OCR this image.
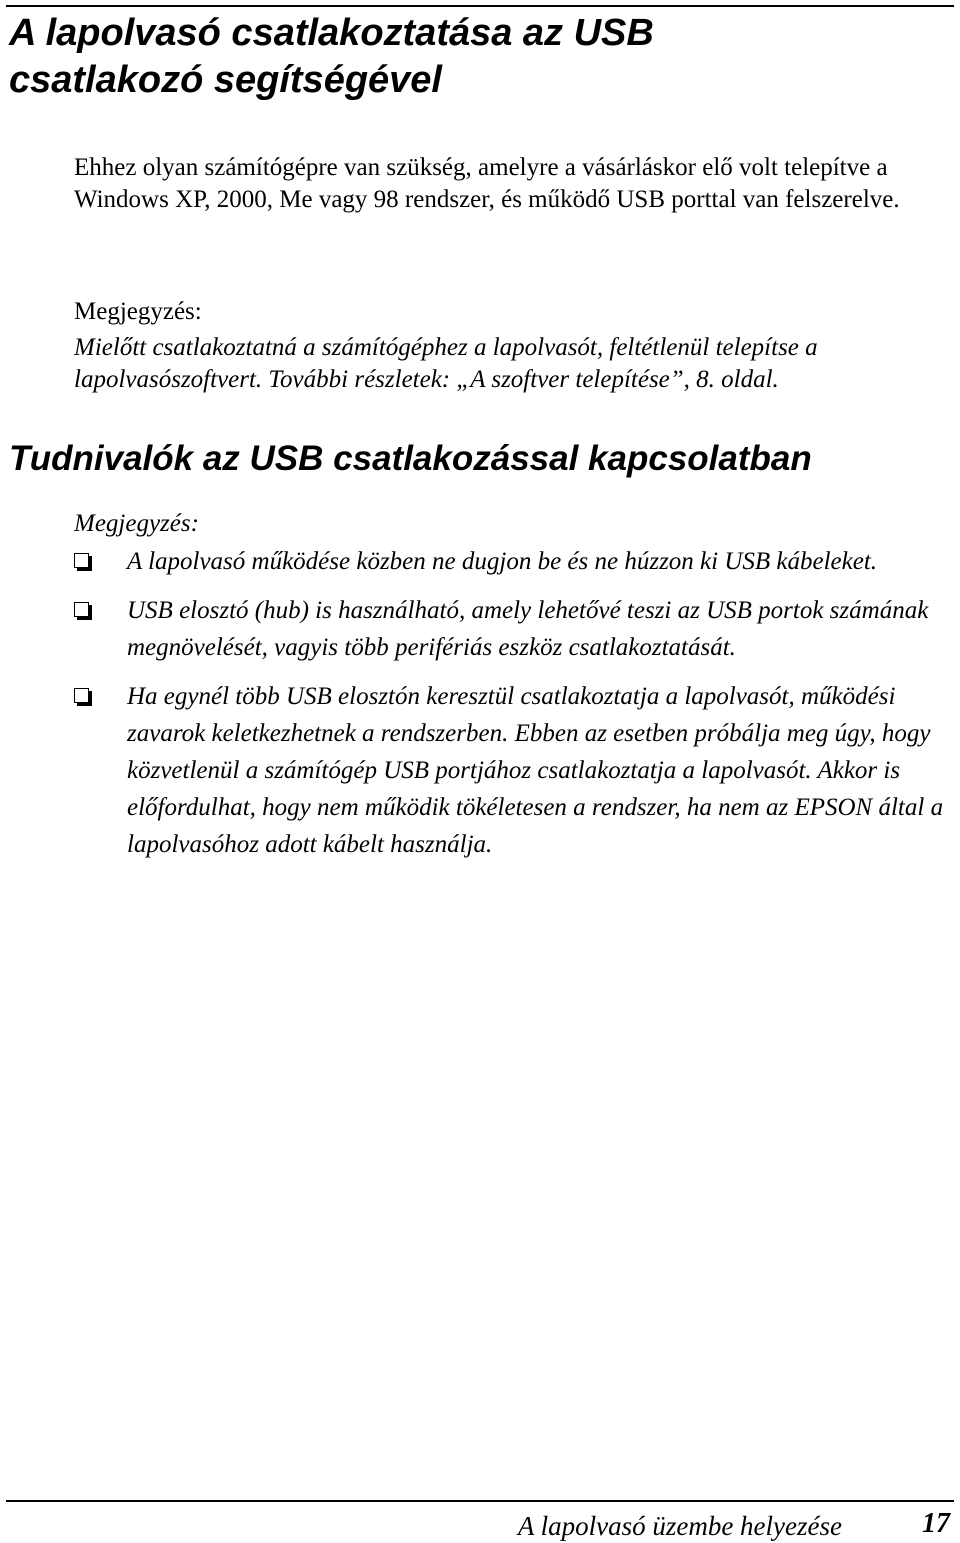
A lapolvasó csatlakoztatása az USB
csatlakozó segítségével

Ehhez olyan számítógépre van szükség, amelyre a vásárláskor elő volt telepítve a Windows XP, 2000, Me vagy 98 rendszer, és működő USB porttal van felszerelve.

Megjegyzés:

Mielőtt csatlakoztatná a számítógéphez a lapolvasót, feltétlenül telepítse a lapolvasószoftvert. További részletek: „A szoftver telepítése”, 8. oldal.

Tudnivalók az USB csatlakozással kapcsolatban
Megjegyzés:
A lapolvasó működése közben ne dugjon be és ne húzzon ki USB kábeleket.
USB elosztó (hub) is használható, amely lehetővé teszi az USB portok számának megnövelését, vagyis több perifériás eszköz csatlakoztatását.
Ha egynél több USB elosztón keresztül csatlakoztatja a lapolvasót, működési zavarok keletkezhetnek a rendszerben. Ebben az esetben próbálja meg úgy, hogy közvetlenül a számítógép USB portjához csatlakoztatja a lapolvasót. Akkor is előfordulhat, hogy nem működik tökéletesen a rendszer, ha nem az EPSON által a lapolvasóhoz adott kábelt használja.
A lapolvasó üzembe helyezése	17
